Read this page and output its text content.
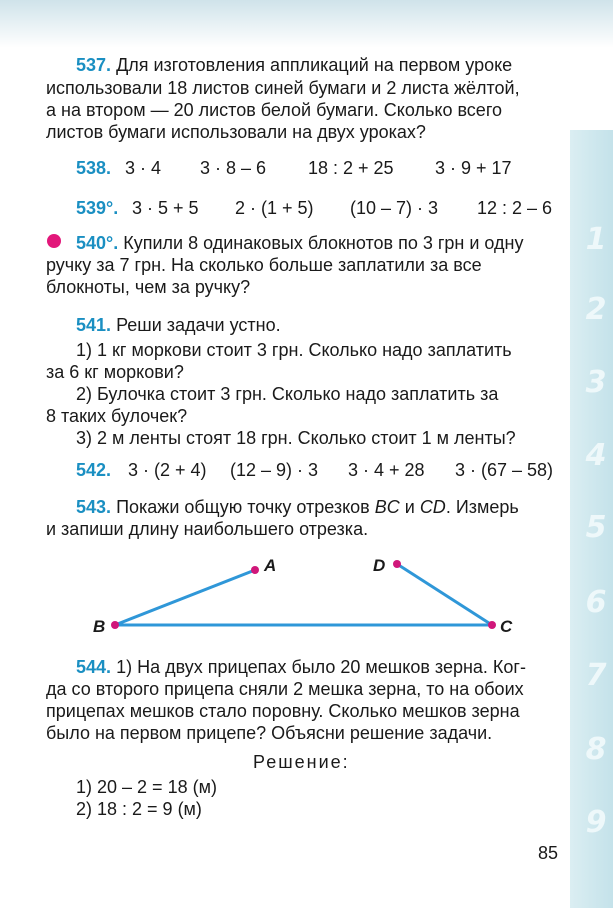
1
2
3
4
5
6
7
8
9
537. Для изготовления аппликаций на первом уроке
использовали 18 листов синей бумаги и 2 листа жёлтой,
а на втором — 20 листов белой бумаги. Сколько всего
листов бумаги использовали на двух уроках?
538. 3 · 4 3 · 8 – 6 18 : 2 + 25 3 · 9 + 17
539°. 3 · 5 + 5 2 · (1 + 5) (10 – 7) · 3 12 : 2 – 6
540°. Купили 8 одинаковых блокнотов по 3 грн и одну
ручку за 7 грн. На сколько больше заплатили за все
блокноты, чем за ручку?
541. Реши задачи устно.
1) 1 кг моркови стоит 3 грн. Сколько надо заплатить
за 6 кг моркови?
2) Булочка стоит 3 грн. Сколько надо заплатить за
8 таких булочек?
3) 2 м ленты стоят 18 грн. Сколько стоит 1 м ленты?
542. 3 · (2 + 4) (12 – 9) · 3 3 · 4 + 28 3 · (67 – 58)
543. Покажи общую точку отрезков BC и CD. Измерь
и запиши длину наибольшего отрезка.
A
B	C
D
544. 1) На двух прицепах было 20 мешков зерна. Ког-
да со второго прицепа сняли 2 мешка зерна, то на обоих
прицепах мешков стало поровну. Сколько мешков зерна
было на первом прицепе? Объясни решение задачи.
Решение:
1) 20 – 2 = 18 (м)
2) 18 : 2 = 9 (м)
85
